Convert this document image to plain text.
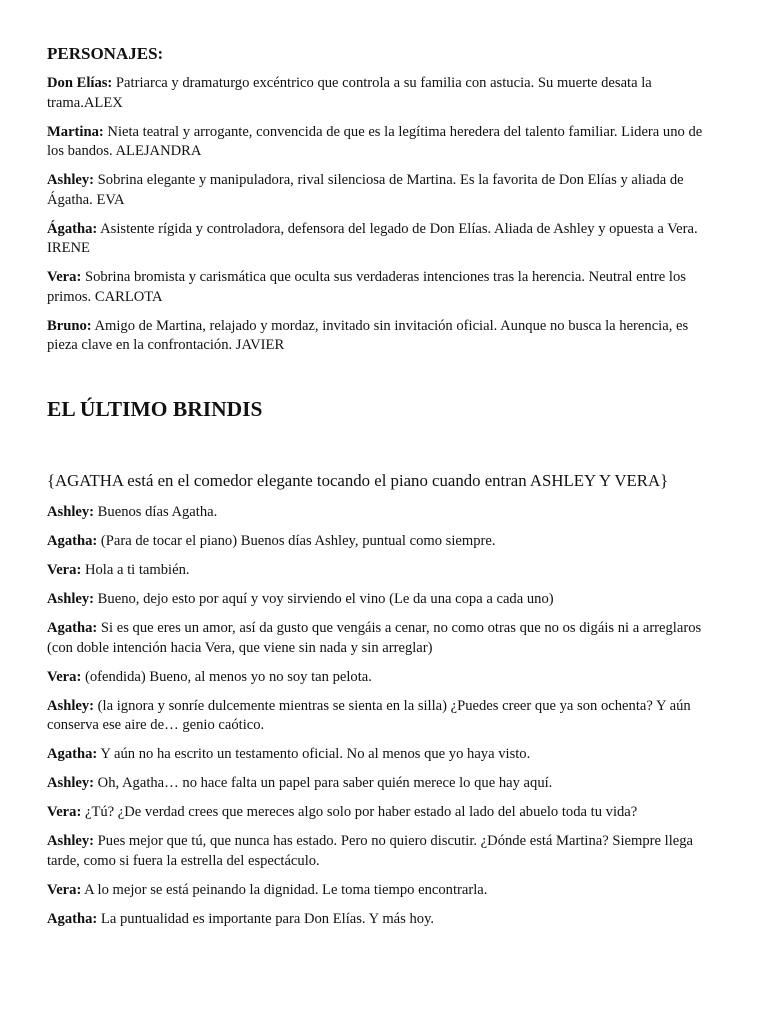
PERSONAJES:

Don Elías: Patriarca y dramaturgo excéntrico que controla a su familia con astucia. Su muerte desata la trama.ALEX

Martina: Nieta teatral y arrogante, convencida de que es la legítima heredera del talento familiar. Lidera uno de los bandos. ALEJANDRA

Ashley: Sobrina elegante y manipuladora, rival silenciosa de Martina. Es la favorita de Don Elías y aliada de Ágatha. EVA

Ágatha: Asistente rígida y controladora, defensora del legado de Don Elías. Aliada de Ashley y opuesta a Vera. IRENE

Vera: Sobrina bromista y carismática que oculta sus verdaderas intenciones tras la herencia. Neutral entre los primos. CARLOTA

Bruno: Amigo de Martina, relajado y mordaz, invitado sin invitación oficial. Aunque no busca la herencia, es pieza clave en la confrontación. JAVIER

EL ÚLTIMO BRINDIS

{AGATHA está en el comedor elegante tocando el piano cuando entran ASHLEY Y VERA}

Ashley: Buenos días Agatha.

Agatha: (Para de tocar el piano) Buenos días Ashley, puntual como siempre.

Vera: Hola a ti también.

Ashley: Bueno, dejo esto por aquí y voy sirviendo el vino (Le da una copa a cada uno)

Agatha: Si es que eres un amor, así da gusto que vengáis a cenar, no como otras que no os digáis ni a arreglaros (con doble intención hacia Vera, que viene sin nada y sin arreglar)

Vera: (ofendida) Bueno, al menos yo no soy tan pelota.

Ashley: (la ignora y sonríe dulcemente mientras se sienta en la silla) ¿Puedes creer que ya son ochenta? Y aún conserva ese aire de… genio caótico.

Agatha: Y aún no ha escrito un testamento oficial. No al menos que yo haya visto.

Ashley: Oh, Agatha… no hace falta un papel para saber quién merece lo que hay aquí.

Vera: ¿Tú? ¿De verdad crees que mereces algo solo por haber estado al lado del abuelo toda tu vida?

Ashley: Pues mejor que tú, que nunca has estado. Pero no quiero discutir. ¿Dónde está Martina? Siempre llega tarde, como si fuera la estrella del espectáculo.

Vera: A lo mejor se está peinando la dignidad. Le toma tiempo encontrarla.

Agatha: La puntualidad es importante para Don Elías. Y más hoy.
